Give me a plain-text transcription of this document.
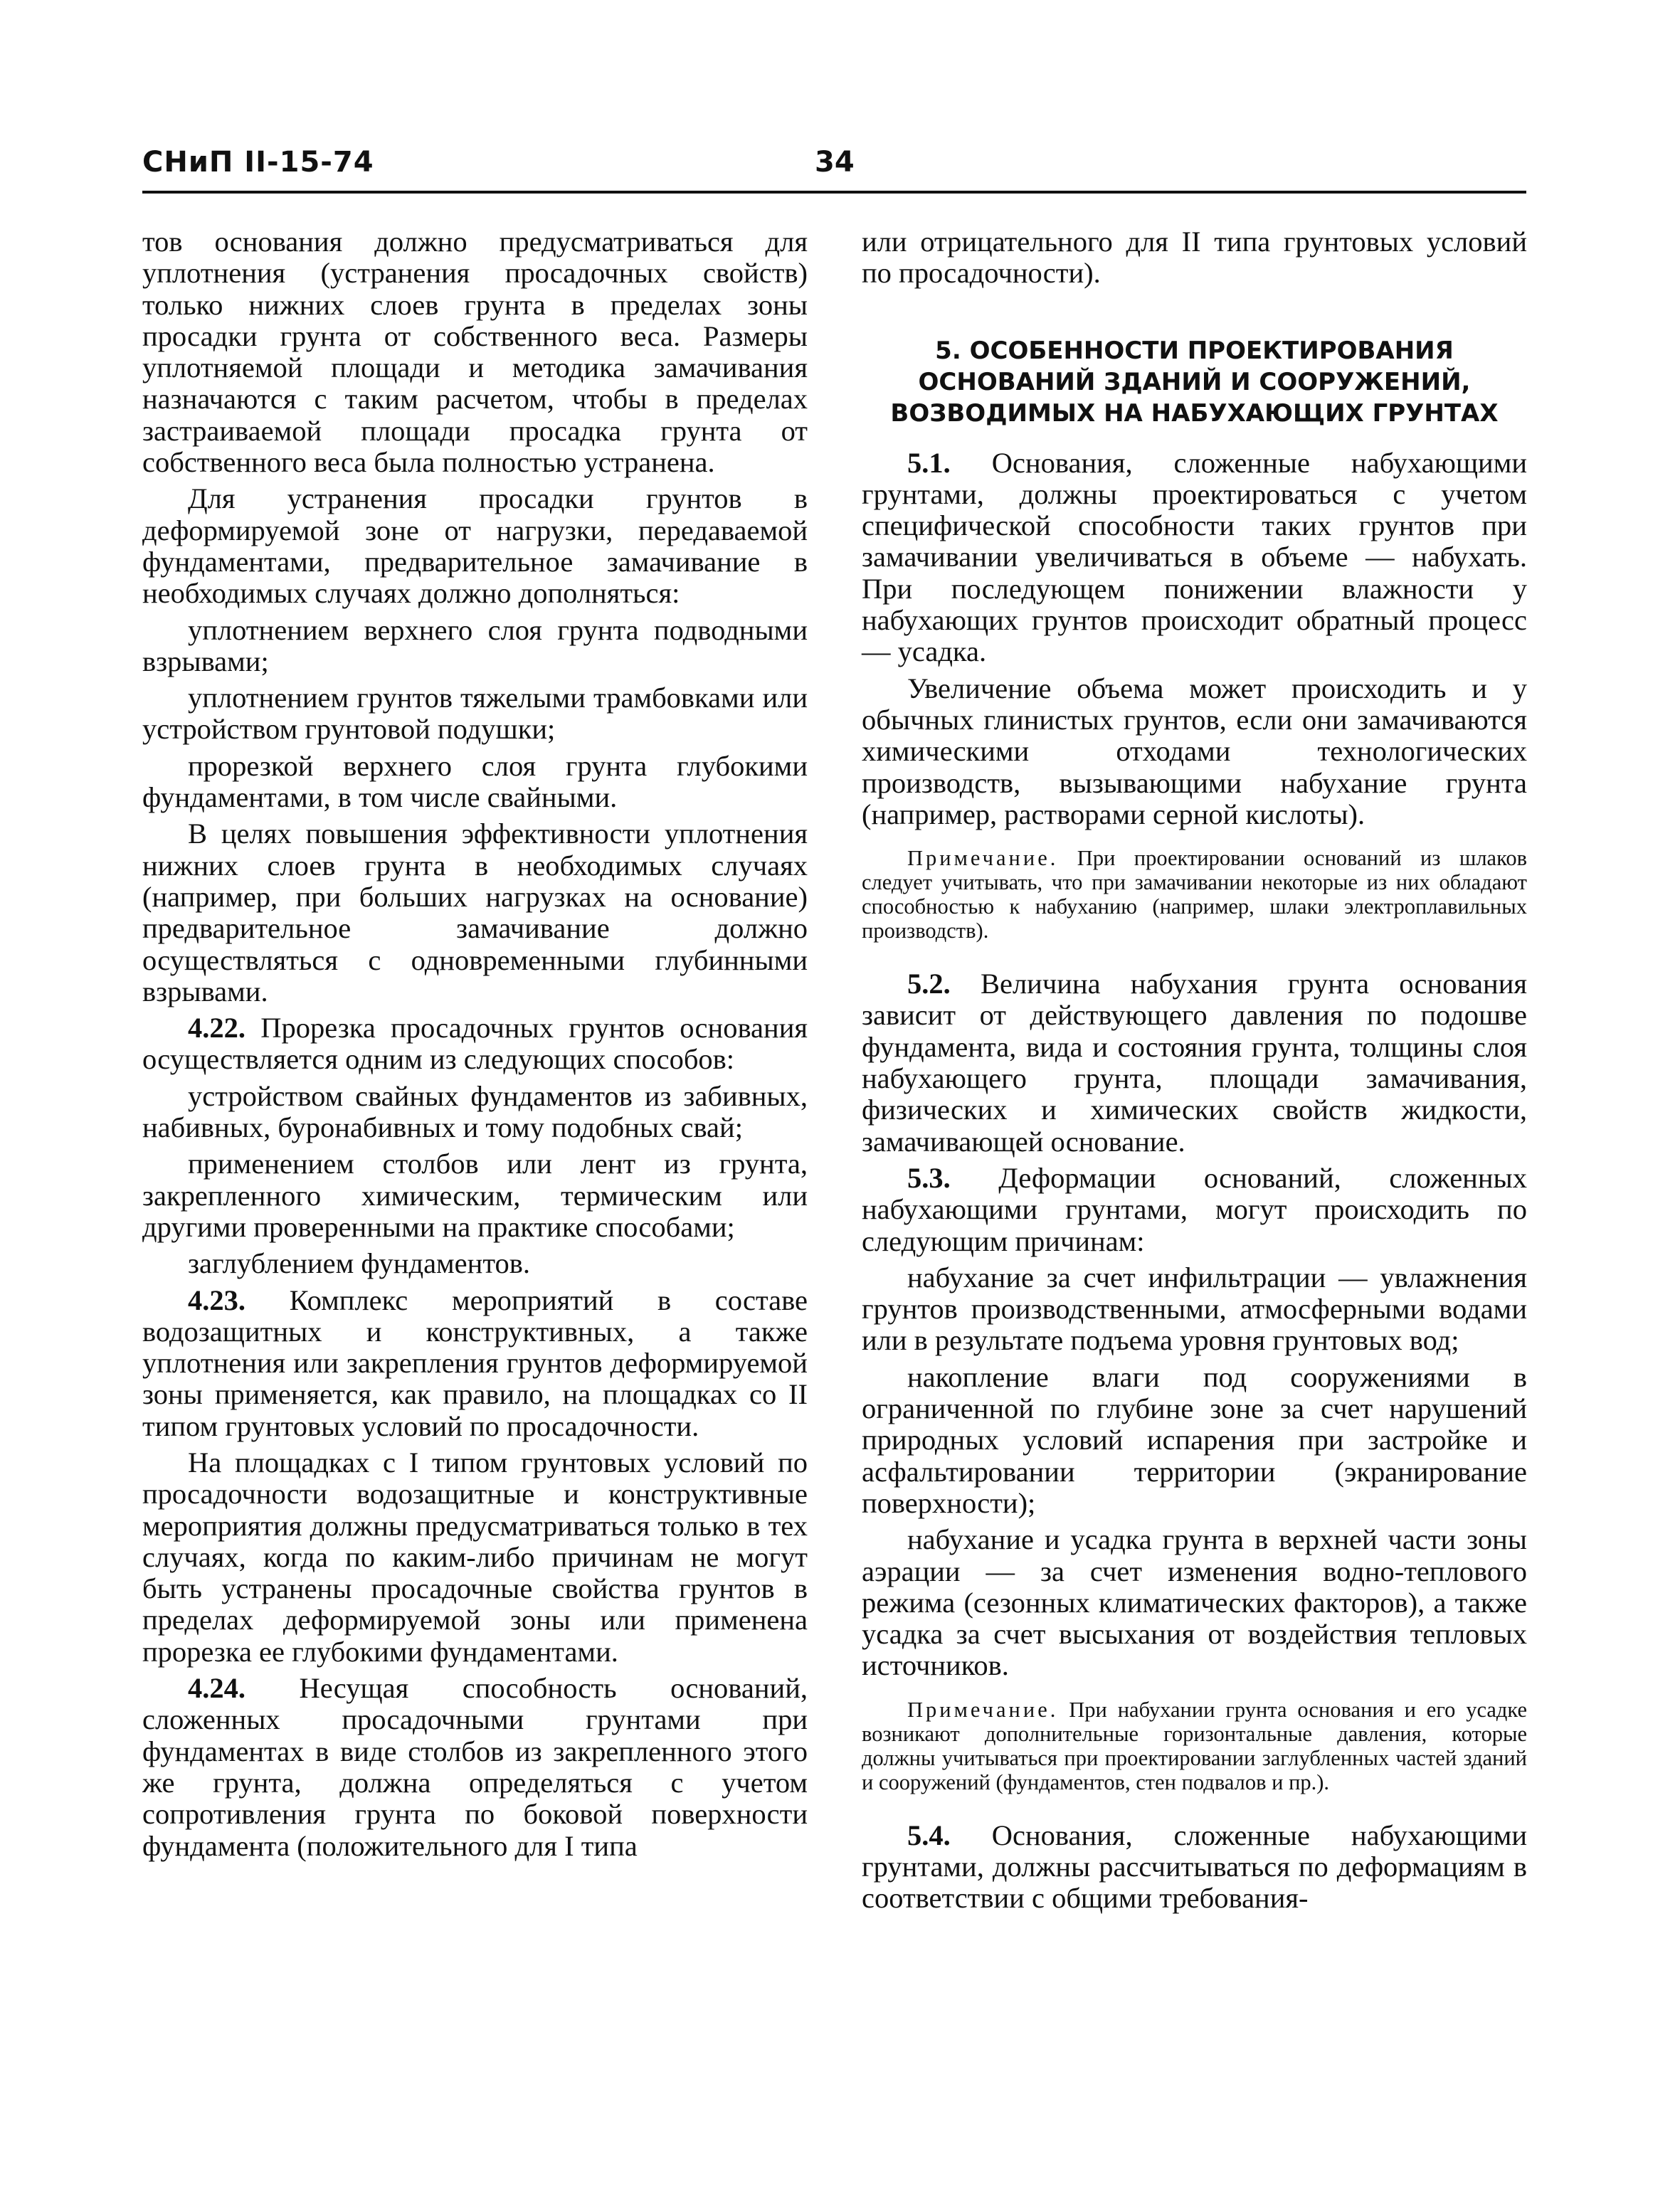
СНиП II-15-74	34

тов основания должно предусматриваться для уплотнения (устранения просадочных свойств) только нижних слоев грунта в пределах зоны просадки грунта от собственного веса. Размеры уплотняемой площади и методика замачивания назначаются с таким расчетом, чтобы в пределах застраиваемой площади просадка грунта от собственного веса была полностью устранена.

Для устранения просадки грунтов в деформируемой зоне от нагрузки, передаваемой фундаментами, предварительное замачивание в необходимых случаях должно дополняться:

уплотнением верхнего слоя грунта подводными взрывами;

уплотнением грунтов тяжелыми трамбовками или устройством грунтовой подушки;

прорезкой верхнего слоя грунта глубокими фундаментами, в том числе свайными.

В целях повышения эффективности уплотнения нижних слоев грунта в необходимых случаях (например, при больших нагрузках на основание) предварительное замачивание должно осуществляться с одновременными глубинными взрывами.

4.22. Прорезка просадочных грунтов основания осуществляется одним из следующих способов:

устройством свайных фундаментов из забивных, набивных, буронабивных и тому подобных свай;

применением столбов или лент из грунта, закрепленного химическим, термическим или другими проверенными на практике способами;

заглублением фундаментов.

4.23. Комплекс мероприятий в составе водозащитных и конструктивных, а также уплотнения или закрепления грунтов деформируемой зоны применяется, как правило, на площадках со II типом грунтовых условий по просадочности.

На площадках с I типом грунтовых условий по просадочности водозащитные и конструктивные мероприятия должны предусматриваться только в тех случаях, когда по каким-либо причинам не могут быть устранены просадочные свойства грунтов в пределах деформируемой зоны или применена прорезка ее глубокими фундаментами.

4.24. Несущая способность оснований, сложенных просадочными грунтами при фундаментах в виде столбов из закрепленного этого же грунта, должна определяться с учетом сопротивления грунта по боковой поверхности фундамента (положительного для I типа

или отрицательного для II типа грунтовых условий по просадочности).

5. ОСОБЕННОСТИ ПРОЕКТИРОВАНИЯ
ОСНОВАНИЙ ЗДАНИЙ И СООРУЖЕНИЙ,
ВОЗВОДИМЫХ НА НАБУХАЮЩИХ ГРУНТАХ

5.1. Основания, сложенные набухающими грунтами, должны проектироваться с учетом специфической способности таких грунтов при замачивании увеличиваться в объеме — набухать. При последующем понижении влажности у набухающих грунтов происходит обратный процесс — усадка.

Увеличение объема может происходить и у обычных глинистых грунтов, если они замачиваются химическими отходами технологических производств, вызывающими набухание грунта (например, растворами серной кислоты).

Примечание. При проектировании оснований из шлаков следует учитывать, что при замачивании некоторые из них обладают способностью к набуханию (например, шлаки электроплавильных производств).

5.2. Величина набухания грунта основания зависит от действующего давления по подошве фундамента, вида и состояния грунта, толщины слоя набухающего грунта, площади замачивания, физических и химических свойств жидкости, замачивающей основание.

5.3. Деформации оснований, сложенных набухающими грунтами, могут происходить по следующим причинам:

набухание за счет инфильтрации — увлажнения грунтов производственными, атмосферными водами или в результате подъема уровня грунтовых вод;

накопление влаги под сооружениями в ограниченной по глубине зоне за счет нарушений природных условий испарения при застройке и асфальтировании территории (экранирование поверхности);

набухание и усадка грунта в верхней части зоны аэрации — за счет изменения водно-теплового режима (сезонных климатических факторов), а также усадка за счет высыхания от воздействия тепловых источников.

Примечание. При набухании грунта основания и его усадке возникают дополнительные горизонтальные давления, которые должны учитываться при проектировании заглубленных частей зданий и сооружений (фундаментов, стен подвалов и пр.).

5.4. Основания, сложенные набухающими грунтами, должны рассчитываться по деформациям в соответствии с общими требования-
